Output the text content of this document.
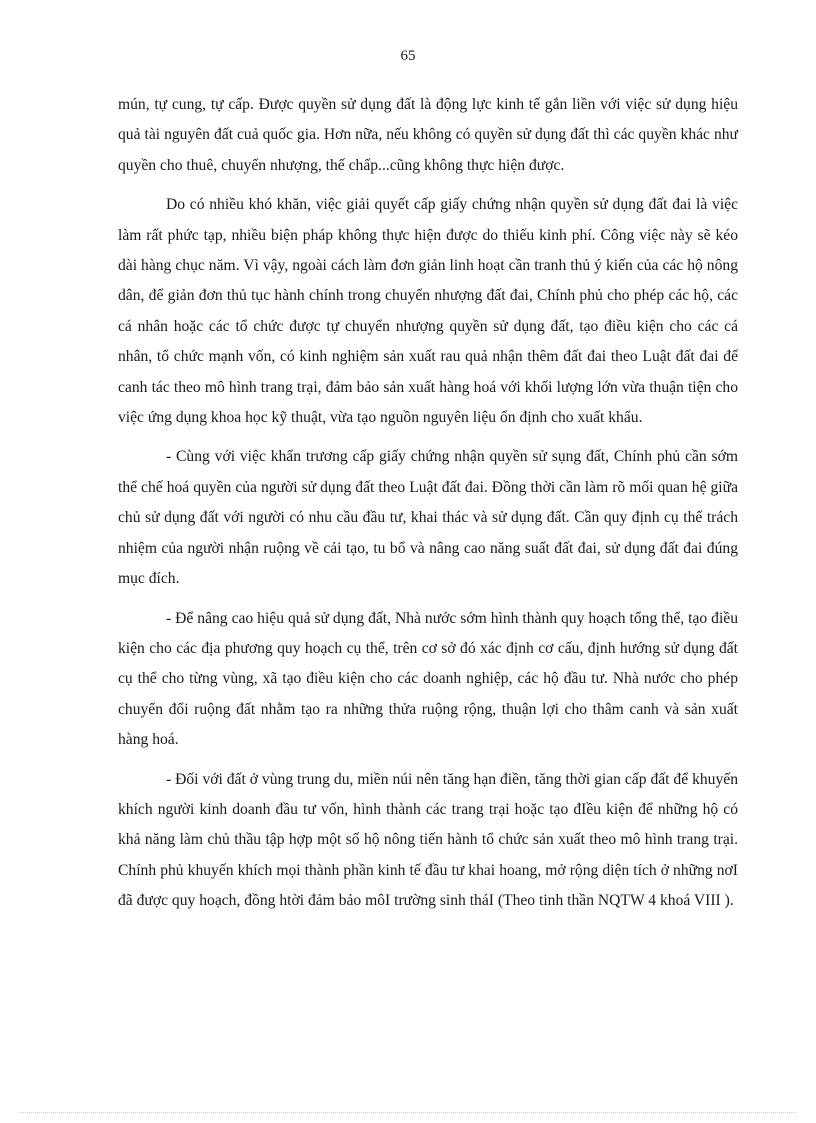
65

mún, tự cung, tự cấp. Được quyền sử dụng đất là động lực kinh tế gắn liền với việc sử dụng hiệu quả tài nguyên đất cuả quốc gia. Hơn nữa, nếu không có quyền sử dụng đất thì các quyền khác như quyền cho thuê, chuyển nhượng, thế chấp...cũng không thực hiện được.

Do có nhiều khó khăn, việc giải quyết cấp giấy chứng nhận quyền sử dụng đất đai là việc làm rất phức tạp, nhiều biện pháp không thực hiện được do thiếu kinh phí. Công việc này sẽ kéo dài hàng chục năm. Vì vậy, ngoài cách làm đơn giản linh hoạt cần tranh thủ ý kiến của các hộ nông dân, để giản đơn thủ tục hành chính trong chuyển nhượng đất đai, Chính phủ cho phép các hộ, các cá nhân hoặc các tổ chức được tự chuyển nhượng quyền sử dụng đất, tạo điều kiện cho các cá nhân, tổ chức mạnh vốn, có kinh nghiệm sản xuất rau quả nhận thêm đất đai theo Luật đất đai để canh tác theo mô hình trang trại, đảm bảo sản xuất hàng hoá với khối lượng lớn vừa thuận tiện cho việc ứng dụng khoa học kỹ thuật, vừa tạo nguồn nguyên liệu ổn định cho xuất khẩu.

- Cùng với việc khẩn trương cấp giấy chứng nhận quyền sử sụng đất, Chính phủ cần sớm thể chế hoá quyền của người sử dụng đất theo Luật đất đai. Đồng thời cần làm rõ mối quan hệ giữa chủ sử dụng đất với người có nhu cầu đầu tư, khai thác và sử dụng đất. Cần quy định cụ thể trách nhiệm của người nhận ruộng về cải tạo, tu bổ và nâng cao năng suất đất đai, sử dụng đất đai đúng mục đích.

- Để nâng cao hiệu quả sử dụng đất, Nhà nước sớm hình thành quy hoạch tổng thể, tạo điều kiện cho các địa phương quy hoạch cụ thể, trên cơ sở đó xác định cơ cấu, định hướng sử dụng đất cụ thể cho từng vùng, xã tạo điều kiện cho các doanh nghiệp, các hộ đầu tư. Nhà nước cho phép chuyển đổi ruộng đất nhằm tạo ra những thửa ruộng rộng, thuận lợi cho thâm canh và sản xuất hàng hoá.

- Đối với đất ở vùng trung du, miền núi nên tăng hạn điền, tăng thời gian cấp đất để khuyến khích người kinh doanh đầu tư vốn, hình thành các trang trại hoặc tạo đIều kiện để những hộ có khả năng làm chủ thầu tập hợp một số hộ nông tiến hành tổ chức sản xuất theo mô hình trang trại. Chính phủ khuyến khích mọi thành phần kinh tế đầu tư khai hoang, mở rộng diện tích ở những nơI đã được quy hoạch, đồng htời đảm bảo môI trường sinh tháI (Theo tinh thần NQTW 4 khoá VIII ).
